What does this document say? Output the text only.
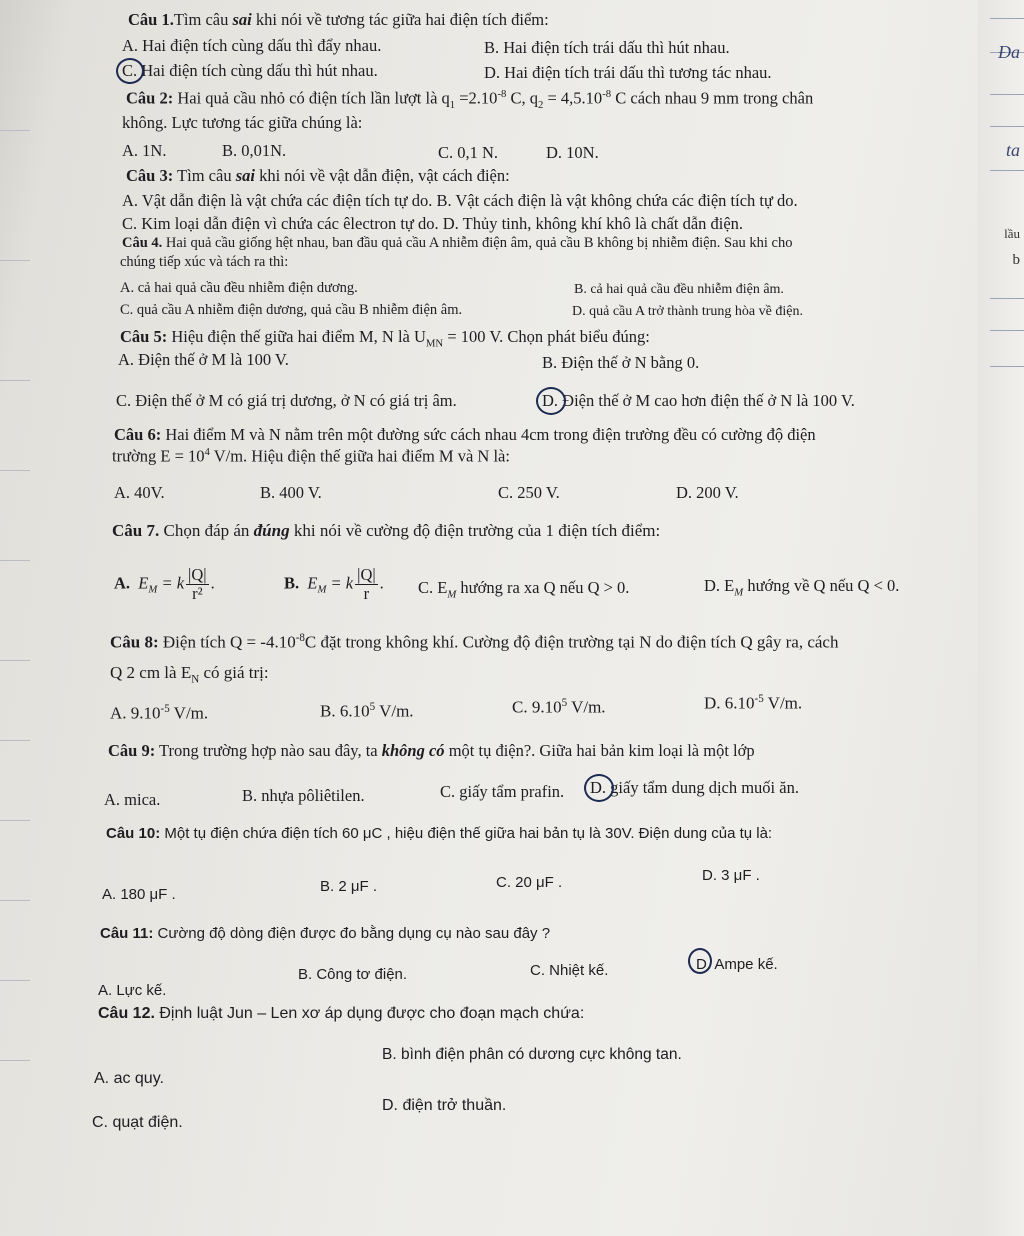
Đa
ta
lầu
b
Câu 1.Tìm câu sai khi nói về tương tác giữa hai điện tích điểm:
A. Hai điện tích cùng dấu thì đẩy nhau.	B. Hai điện tích trái dấu thì hút nhau.
C. Hai điện tích cùng dấu thì hút nhau.	D. Hai điện tích trái dấu thì tương tác nhau.
Câu 2: Hai quả cầu nhỏ có điện tích lần lượt là $q_1 =2.10^{-8}$ C, $q_2 = 4,5.10^{-8}$ C cách nhau 9 mm trong chân
không. Lực tương tác giữa chúng là:
A. 1N.	B. 0,01N.	C. 0,1 N.	D. 10N.
Câu 3: Tìm câu sai khi nói về vật dẫn điện, vật cách điện:
A. Vật dẫn điện là vật chứa các điện tích tự do. B. Vật cách điện là vật không chứa các điện tích tự do.
C. Kim loại dẫn điện vì chứa các êlectron tự do. D. Thủy tinh, không khí khô là chất dẫn điện.
Câu 4. Hai quả cầu giống hệt nhau, ban đầu quả cầu A nhiễm điện âm, quả cầu B không bị nhiễm điện. Sau khi cho
chúng tiếp xúc và tách ra thì:
A. cả hai quả cầu đều nhiễm điện dương.	B. cả hai quả cầu đều nhiễm điện âm.
C. quả cầu A nhiễm điện dương, quả cầu B nhiễm điện âm.	D. quả cầu A trở thành trung hòa về điện.
Câu 5: Hiệu điện thế giữa hai điểm M, N là $U_{MN} = 100$ V. Chọn phát biểu đúng:
A. Điện thế ở M là 100 V.	B. Điện thế ở N bằng 0.
C. Điện thế ở M có giá trị dương, ở N có giá trị âm.	D. Điện thế ở M cao hơn điện thế ở N là 100 V.
Câu 6: Hai điểm M và N nằm trên một đường sức cách nhau 4cm trong điện trường đều có cường độ điện
trường $E = 10^4$ V/m. Hiệu điện thế giữa hai điểm M và N là:
A. 40V.	B. 400 V.	C. 250 V.	D. 200 V.
Câu 7. Chọn đáp án đúng khi nói về cường độ điện trường của 1 điện tích điểm:
A. $E_M = k \frac{|Q|}{\text{r²}}$ .	B. $E_M = k \frac{|Q|}{r}$ . C. $E_M$ hướng ra xa Q nếu Q > 0.	D. $E_M$ hướng về Q nếu Q < 0.
Câu 8: Điện tích $Q = -4.10^{-8}C$ đặt trong không khí. Cường độ điện trường tại N do điện tích Q gây ra, cách
Q 2 cm là $E_N$ có giá trị:
A. $9.10^{-5}$ V/m.	B. 6.10$^5$ V/m.	C. 9.10$^5$ V/m.	D. $6.10^{-5}$ V/m.
Câu 9: Trong trường hợp nào sau đây, ta không có một tụ điện?. Giữa hai bản kim loại là một lớp
A. mica.	B. nhựa pôliêtilen.	C. giấy tẩm prafin. D. giấy tẩm dung dịch muối ăn.
Câu 10: Một tụ điện chứa điện tích 60 μC , hiệu điện thế giữa hai bản tụ là 30V. Điện dung của tụ là:
A. 180 μF .	B. 2 μF .	C. 20 μF .	D. 3 μF .
Câu 11: Cường độ dòng điện được đo bằng dụng cụ nào sau đây ?
A. Lực kế.
B. Công tơ điện.	C. Nhiệt kế.	D. Ampe kế.
Câu 12. Định luật Jun – Len xơ áp dụng được cho đoạn mạch chứa:
A. ac quy.
B. bình điện phân có dương cực không tan.
C. quạt điện.
D. điện trở thuần.
